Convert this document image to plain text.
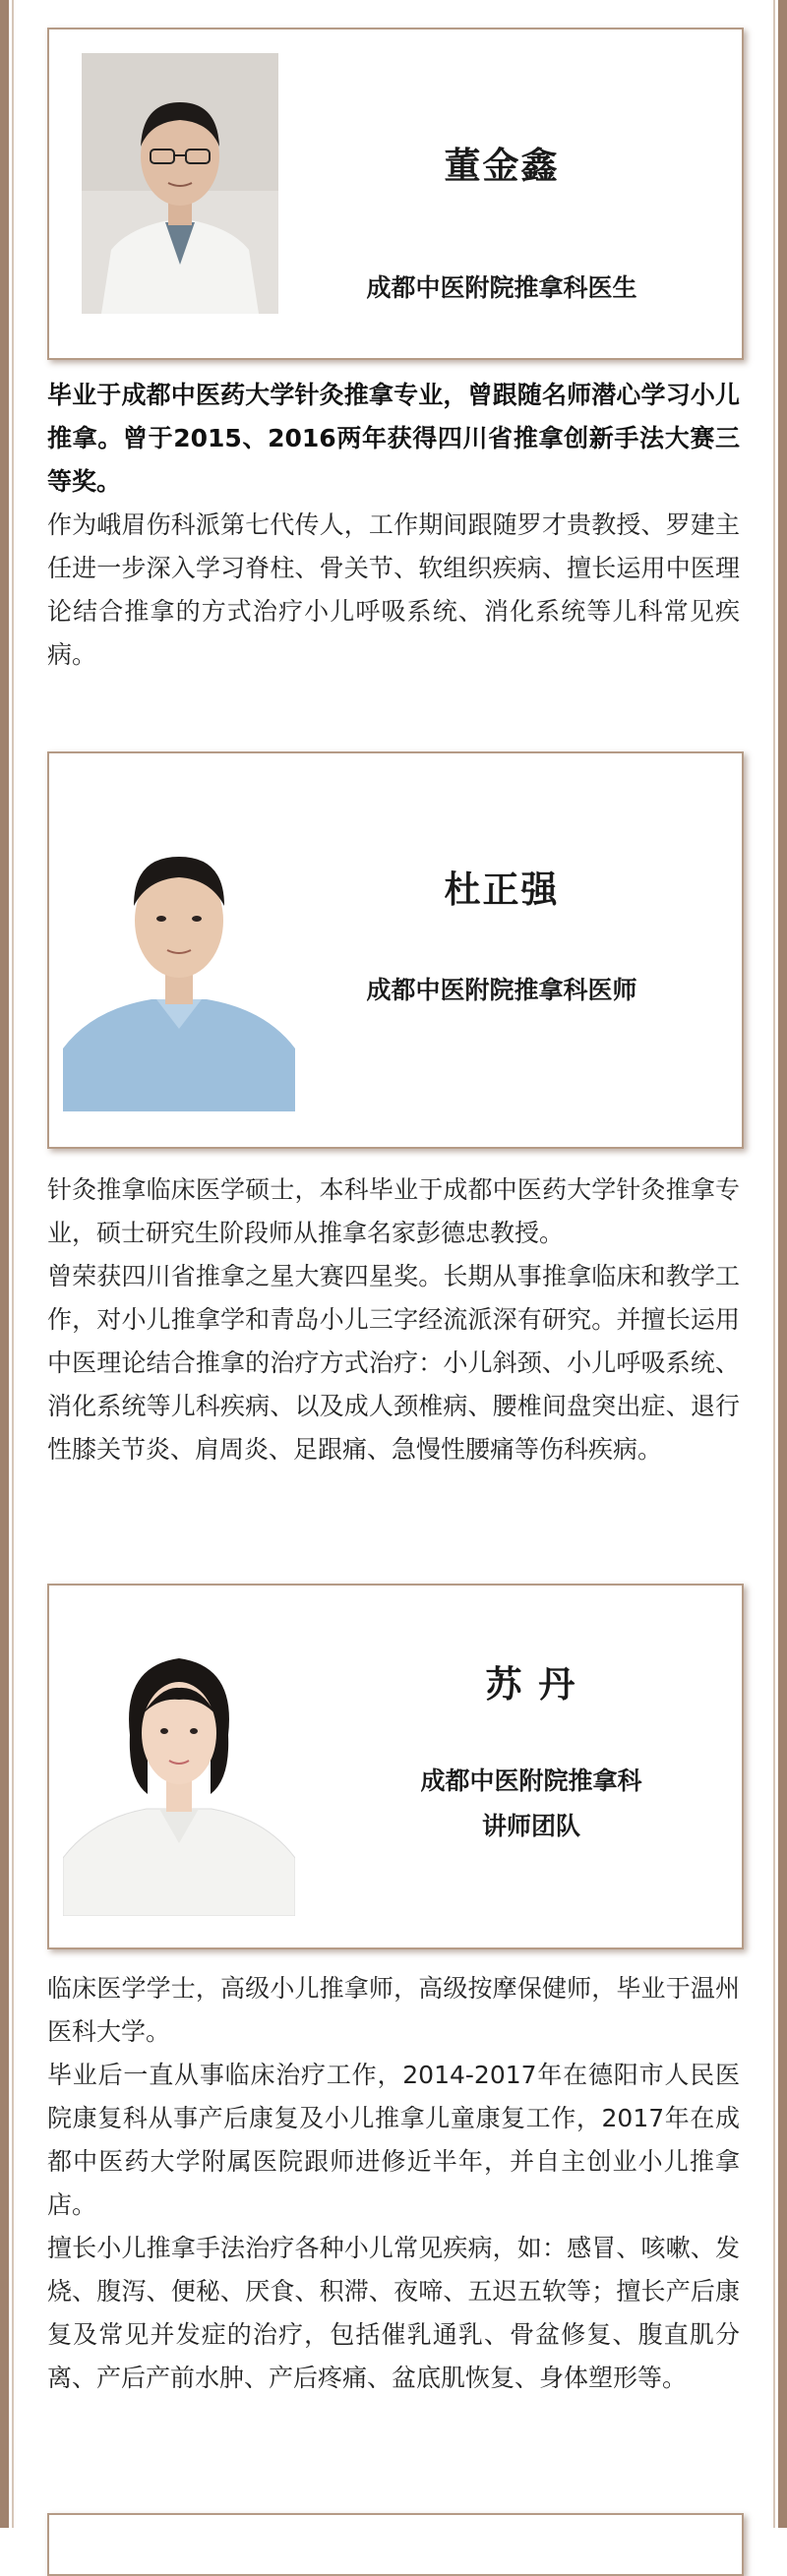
董金鑫
成都中医附院推拿科医生

毕业于成都中医药大学针灸推拿专业，曾跟随名师潜心学习小儿推拿。曾于2015、2016两年获得四川省推拿创新手法大赛三等奖。

作为峨眉伤科派第七代传人，工作期间跟随罗才贵教授、罗建主任进一步深入学习脊柱、骨关节、软组织疾病、擅长运用中医理论结合推拿的方式治疗小儿呼吸系统、消化系统等儿科常见疾病。

杜正强
成都中医附院推拿科医师

针灸推拿临床医学硕士，本科毕业于成都中医药大学针灸推拿专业，硕士研究生阶段师从推拿名家彭德忠教授。

曾荣获四川省推拿之星大赛四星奖。长期从事推拿临床和教学工作，对小儿推拿学和青岛小儿三字经流派深有研究。并擅长运用中医理论结合推拿的治疗方式治疗：小儿斜颈、小儿呼吸系统、消化系统等儿科疾病、以及成人颈椎病、腰椎间盘突出症、退行性膝关节炎、肩周炎、足跟痛、急慢性腰痛等伤科疾病。

苏 丹
成都中医附院推拿科
讲师团队

临床医学学士，高级小儿推拿师，高级按摩保健师，毕业于温州医科大学。

毕业后一直从事临床治疗工作，2014-2017年在德阳市人民医院康复科从事产后康复及小儿推拿儿童康复工作，2017年在成都中医药大学附属医院跟师进修近半年，并自主创业小儿推拿店。

擅长小儿推拿手法治疗各种小儿常见疾病，如：感冒、咳嗽、发烧、腹泻、便秘、厌食、积滞、夜啼、五迟五软等；擅长产后康复及常见并发症的治疗，包括催乳通乳、骨盆修复、腹直肌分离、产后产前水肿、产后疼痛、盆底肌恢复、身体塑形等。
